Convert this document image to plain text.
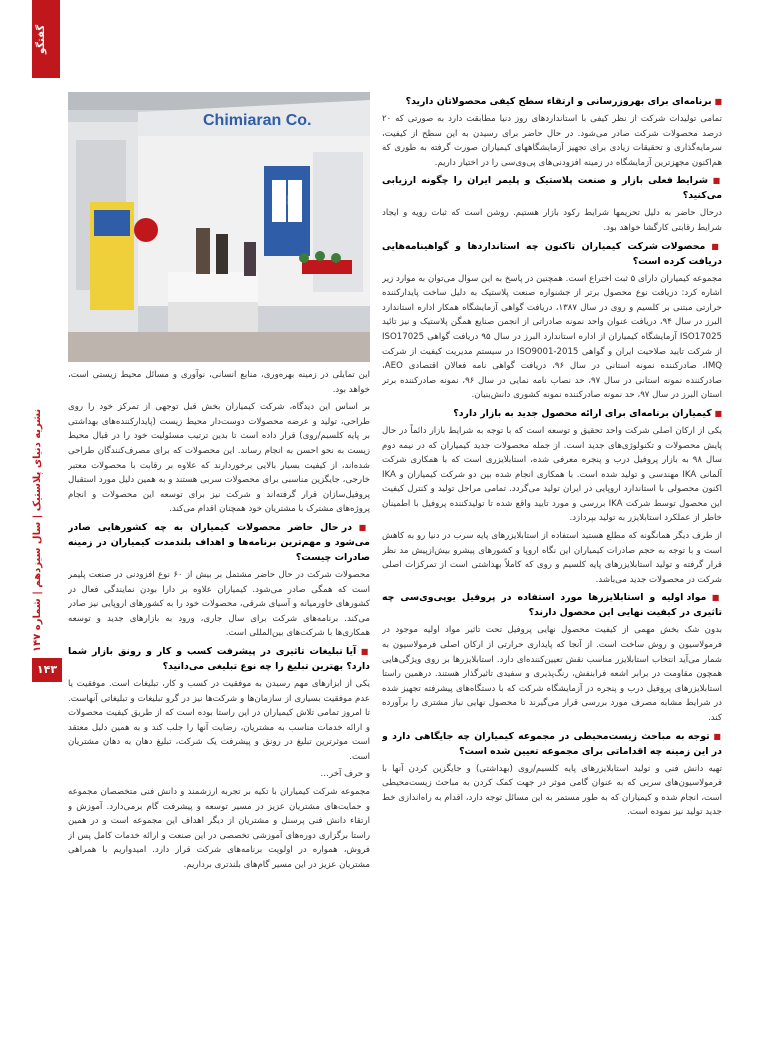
گفتگو
نشریه دنیای پلاستیک | سال سیزدهم | شماره ۱۴۷
۱۴۳
Chimiaran Co.
CH
■ برنامه‌ای برای بهروزرسانی و ارتقاء سطح کیفی محصولاتان دارید؟

تمامی تولیدات شرکت از نظر کیفی با استانداردهای روز دنیا مطابقت دارد به صورتی که ۲۰ درصد محصولات شرکت صادر می‌شود. در حال حاضر برای رسیدن به این سطح از کیفیت، سرمایه‌گذاری و تحقیقات زیادی برای تجهیز آزمایشگاههای کیمیاران صورت گرفته به طوری که هم‌اکنون مجهزترین آزمایشگاه در زمینه افزودنی‌های پی‌وی‌سی را در اختیار داریم.

■ شرایط فعلی بازار و صنعت پلاستیک و پلیمر ایران را چگونه ارزیابی می‌کنید؟

درحال حاضر به دلیل تحریمها شرایط رکود بازار هستیم. روشن است که ثبات رویه و ایجاد شرایط رقابتی کارگشا خواهد بود.

■ محصولات شرکت کیمیاران تاکنون چه استانداردها و گواهینامه‌هایی دریافت کرده است؟

مجموعه کیمیاران دارای ۵ ثبت اختراع است. همچنین در پاسخ به این سوال می‌توان به موارد زیر اشاره کرد: دریافت نوع محصول برتر از جشنواره صنعت پلاستیک به دلیل ساخت پایدارکننده حرارتی مبتنی بر کلسیم و روی در سال ۱۳۸۷، دریافت گواهی آزمایشگاه همکار اداره استاندارد البرز در سال ۹۴، دریافت عنوان واحد نمونه صادراتی از انجمن صنایع همگن پلاستیک و نیز تائید ISO17025 آزمایشگاه کیمیاران از اداره استاندارد البرز در سال ۹۵ دریافت گواهی ISO17025 از شرکت تایید صلاحیت ایران و گواهی ISO9001-2015 در سیستم مدیریت کیفیت از شرکت IMQ، صادرکننده نمونه استانی در سال ۹۶، دریافت گواهی نامه فعالان اقتصادی AEO، صادرکننده نمونه استانی در سال ۹۷، حد نصاب نامه نمایی در سال ۹۶، نمونه صادرکننده برتر استان البرز در سال ۹۷، حد نمونه صادرکننده نمونه کشوری دانش‌بنیان.

■ کیمیاران برنامه‌ای برای ارائه محصول جدید به بازار دارد؟

یکی از ارکان اصلی شرکت واحد تحقیق و توسعه است که با توجه به شرایط بازار دائماً در حال پایش محصولات و تکنولوژی‌های جدید است. از جمله محصولات جدید کیمیاران که در نیمه دوم سال ۹۸ به بازار پروفیل درب و پنجره معرفی شده، استابلایزری است که با همکاری شرکت آلمانی IKA مهندسی و تولید شده است. با همکاری انجام شده بین دو شرکت کیمیاران و IKA اکنون محصولی با استاندارد اروپایی در ایران تولید می‌گردد. تمامی مراحل تولید و کنترل کیفیت این محصول توسط شرکت IKA بررسی و مورد تایید واقع شده تا تولیدکننده پروفیل با اطمینان خاطر از عملکرد استابلایزر به تولید بپردازد.

از طرف دیگر همانگونه که مطلع هستید استفاده از استابلایزرهای پایه سرب در دنیا رو به کاهش است و با توجه به حجم صادرات کیمیاران این نگاه اروپا و کشورهای پیشرو بیش‌ازپیش مد نظر قرار گرفته و تولید استابلایزرهای پایه کلسیم و روی که کاملاً بهداشتی است از تمرکزات اصلی شرکت در محصولات جدید می‌باشد.

■ مواد اولیه و استابلایزرها مورد استفاده در پروفیل یو‌پی‌وی‌سی چه تاثیری در کیفیت نهایی این محصول دارند؟

بدون شک بخش مهمی از کیفیت محصول نهایی پروفیل تحت تاثیر مواد اولیه موجود در فرمولاسیون و روش ساخت است. از آنجا که پایداری حرارتی از ارکان اصلی فرمولاسیون به شمار می‌آید انتخاب استابلایزر مناسب نقش تعیین‌کننده‌ای دارد. استابلایزرها بر روی ویژگی‌هایی همچون مقاومت در برابر اشعه فرابنفش، رنگ‌پذیری و سفیدی تاثیرگذار هستند. درهمین راستا استابلایزرهای پروفیل درب و پنجره در آزمایشگاه شرکت که با دستگاه‌های پیشرفته تجهیز شده در شرایط مشابه مصرف مورد بررسی قرار می‌گیرند تا محصول نهایی نیاز مشتری را برآورده کند.

■ توجه به مباحث زیست‌محیطی در مجموعه کیمیاران چه جایگاهی دارد و در این زمینه چه اقداماتی برای مجموعه تعیین شده است؟

تهیه دانش فنی و تولید استابلایزرهای پایه کلسیم/روی (بهداشتی) و جایگزین کردن آنها با فرمولاسیون‌های سربی که به عنوان گامی موثر در جهت کمک کردن به مباحث زیست‌محیطی است، انجام شده و کیمیاران که به طور مستمر به این مسائل توجه دارد، اقدام به راه‌اندازی خط جدید تولید نیز نموده است.

این تمایلی در زمینه بهره‌وری، منابع انسانی، نوآوری و مسائل محیط زیستی است، خواهد بود.

بر اساس این دیدگاه، شرکت کیمیاران بخش قبل توجهی از تمرکز خود را روی طراحی، تولید و عرضه محصولات دوست‌دار محیط زیست (پایدارکننده‌های بهداشتی بر پایه کلسیم/روی) قرار داده است تا بدین ترتیب مسئولیت خود را در قبال محیط زیست به نحو احسن به انجام رساند. این محصولات که برای مصرف‌کنندگان طراحی شده‌اند، از کیفیت بسیار بالایی برخوردارند که علاوه بر رقابت با محصولات معتبر خارجی، جایگزین مناسبی برای محصولات سربی هستند و به همین دلیل مورد استقبال پروفیل‌سازان قرار گرفته‌اند و شرکت نیز برای توسعه این محصولات و انجام پروژه‌های مشترک با مشتریان خود همچنان اقدام می‌کند.

■ در حال حاضر محصولات کیمیاران به چه کشورهایی صادر می‌شود و مهم‌ترین برنامه‌ها و اهداف بلندمدت کیمیاران در زمینه صادرات چیست؟

محصولات شرکت در حال حاضر مشتمل بر بیش از ۶۰ نوع افزودنی در صنعت پلیمر است که همگی صادر می‌شود. کیمیاران علاوه بر دارا بودن نمایندگی فعال در کشورهای خاورمیانه و آسیای شرقی، محصولات خود را به کشورهای اروپایی نیز صادر می‌کند. برنامه‌های شرکت برای سال جاری، ورود به بازارهای جدید و توسعه همکاری‌ها با شرکت‌های بین‌المللی است.

■ آیا تبلیغات تاثیری در پیشرفت کسب و کار و رونق بازار شما دارد؟ بهترین تبلیغ را چه نوع تبلیغی می‌دانید؟

یکی از ابزارهای مهم رسیدن به موفقیت در کسب و کار، تبلیغات است. موفقیت یا عدم موفقیت بسیاری از سازمان‌ها و شرکت‌ها نیز در گرو تبلیغات و تبلیغاتی آنهاست. تا امروز تمامی تلاش کیمیاران در این راستا بوده است که از طریق کیفیت محصولات و ارائه خدمات مناسب به مشتریان، رضایت آنها را جلب کند و به همین دلیل معتقد است موثرترین تبلیغ در رونق و پیشرفت یک شرکت، تبلیغ دهان به دهان مشتریان است.

و حرف آخر…

مجموعه شرکت کیمیاران با تکیه بر تجربه ارزشمند و دانش فنی متخصصان مجموعه و حمایت‌های مشتریان عزیز در مسیر توسعه و پیشرفت گام برمی‌دارد. آموزش و ارتقاء دانش فنی پرسنل و مشتریان از دیگر اهداف این مجموعه است و در همین راستا برگزاری دوره‌های آموزشی تخصصی در این صنعت و ارائه خدمات کامل پس از فروش، همواره در اولویت برنامه‌های شرکت قرار دارد. امیدواریم با همراهی مشتریان عزیز در این مسیر گام‌های بلندتری برداریم.
